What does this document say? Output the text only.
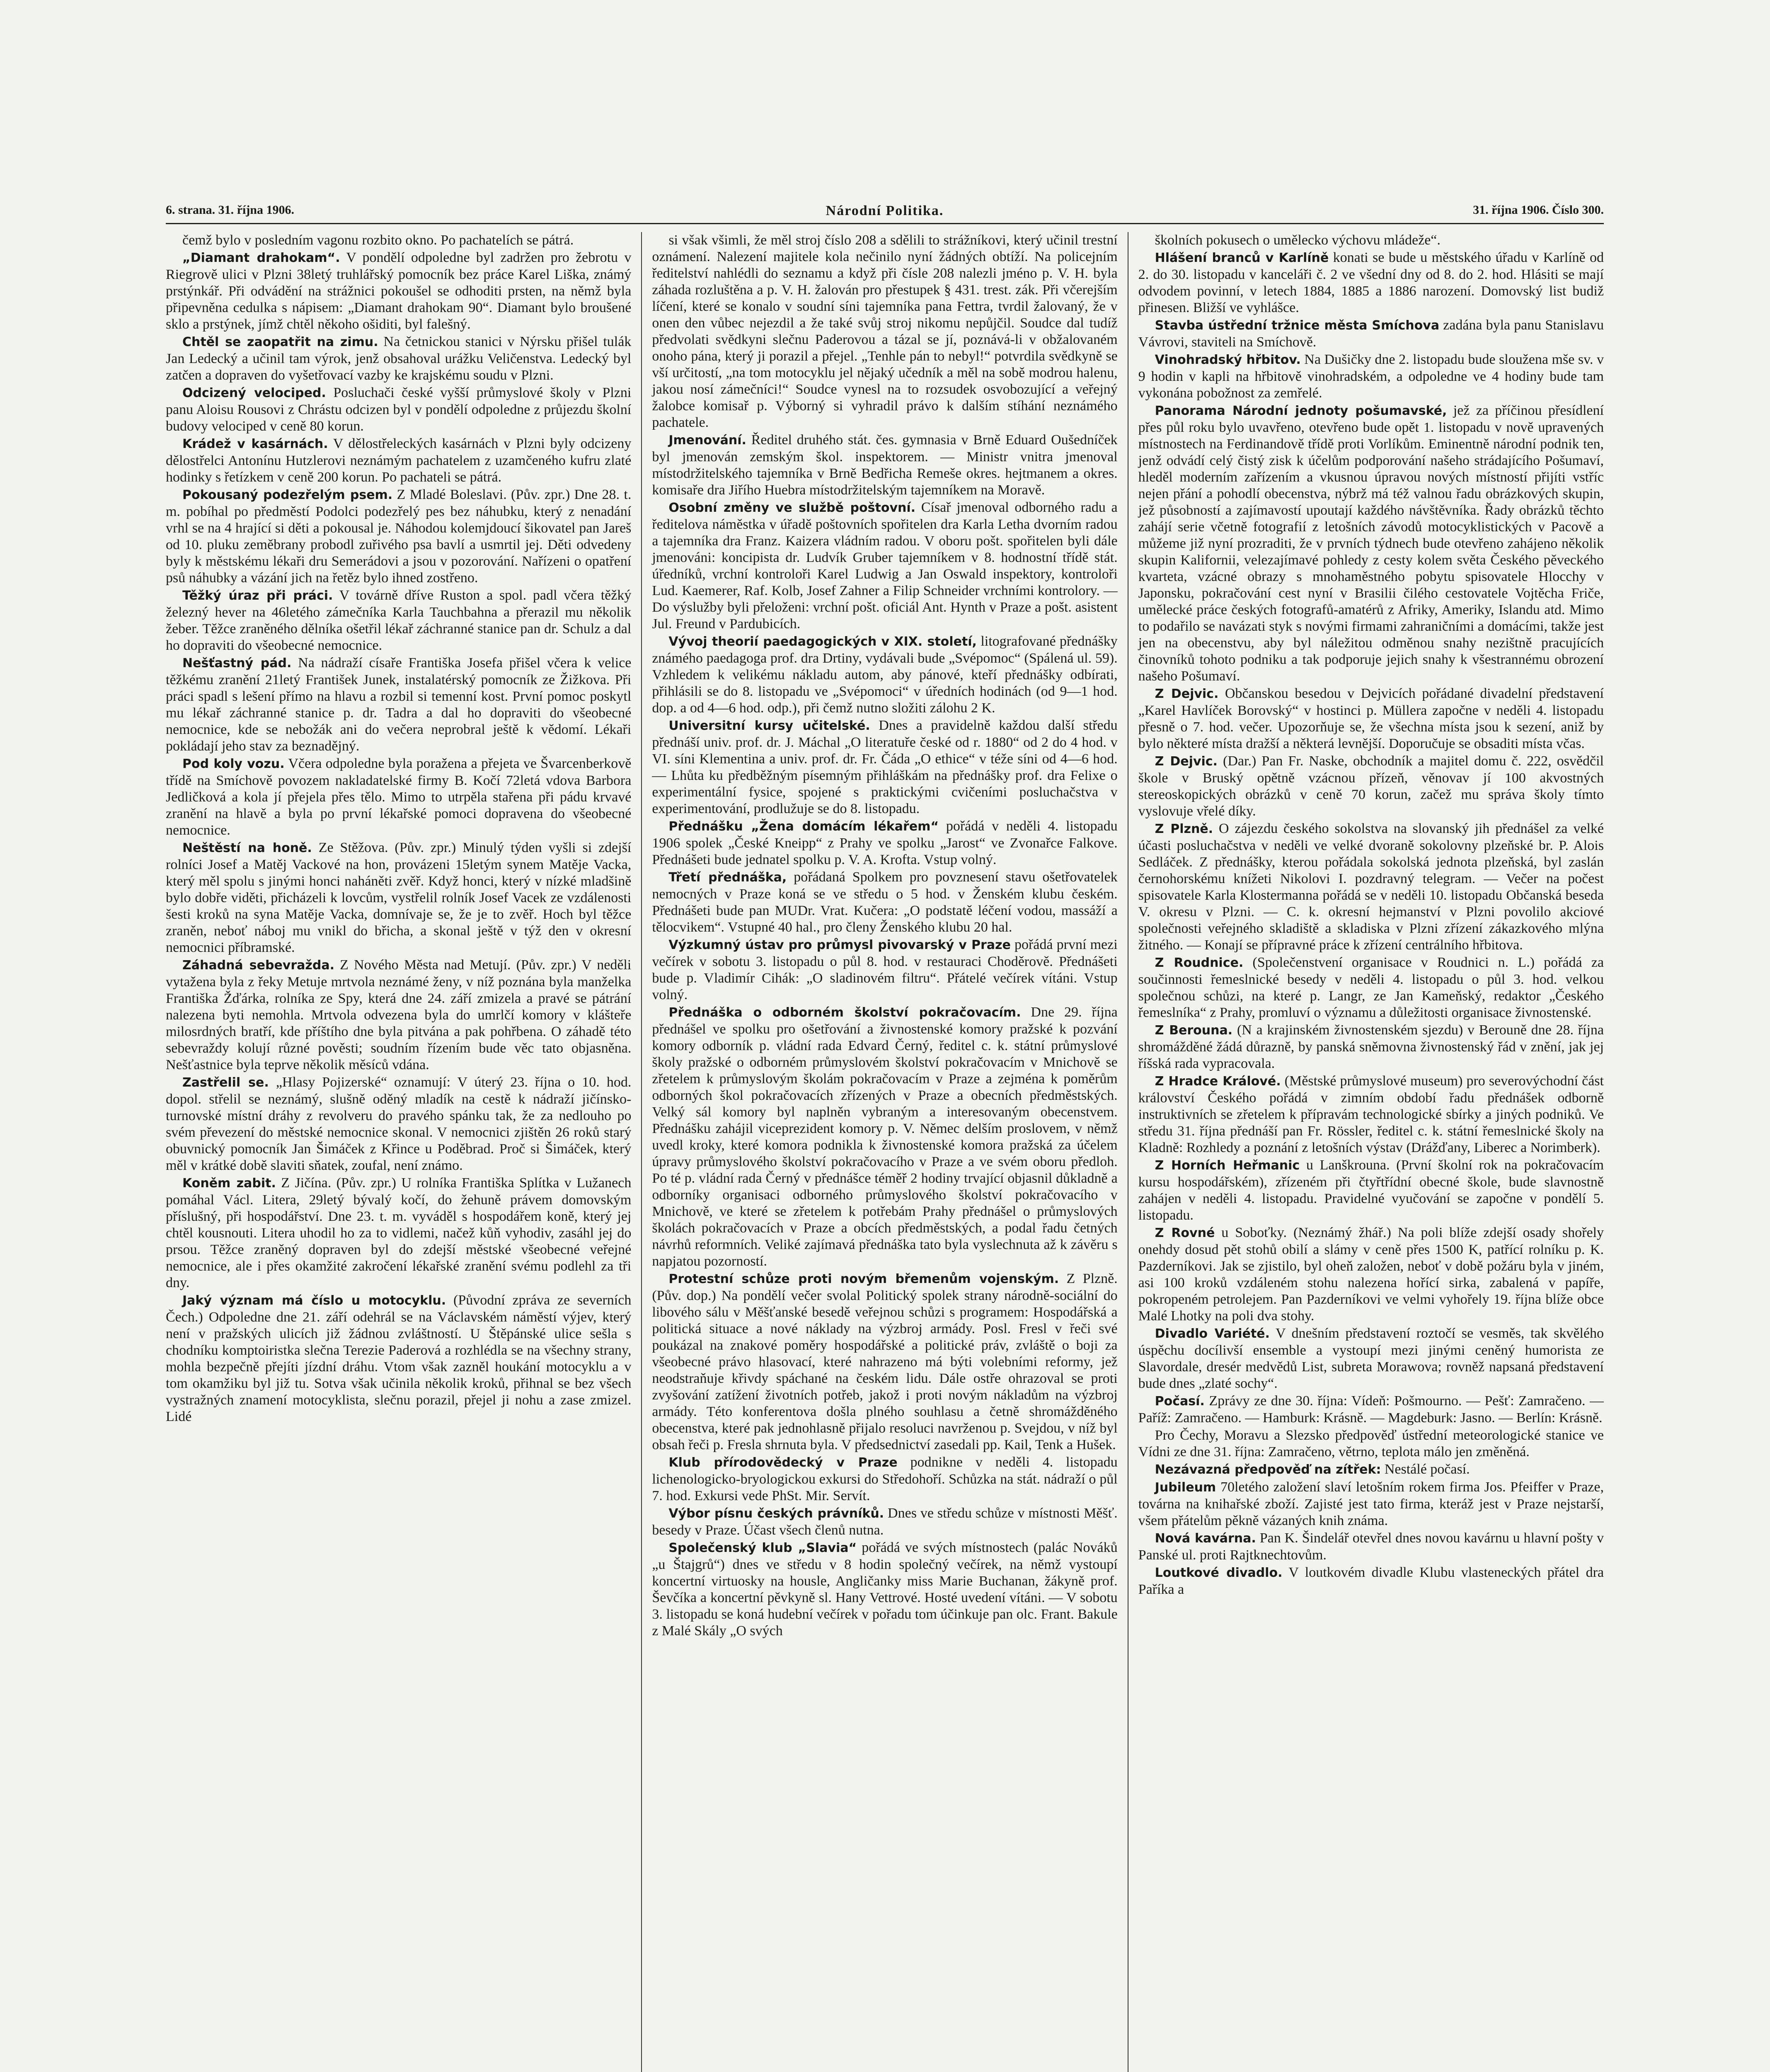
6. strana. 31. října 1906.	Národní Politika.	31. října 1906. Číslo 300.

čemž bylo v posledním vagonu rozbito okno. Po pachatelích se pátrá.

„Diamant drahokam“. V pondělí odpoledne byl zadržen pro žebrotu v Riegrově ulici v Plzni 38letý truhlářský pomocník bez práce Karel Liška, známý prstýnkář. Při odvádění na strážnici pokoušel se odhoditi prsten, na němž byla připevněna cedulka s nápisem: „Diamant drahokam 90“. Diamant bylo broušené sklo a prstýnek, jímž chtěl někoho ošiditi, byl falešný.

Chtěl se zaopatřit na zimu. Na četnickou stanici v Nýrsku přišel tulák Jan Ledecký a učinil tam výrok, jenž obsahoval urážku Veličenstva. Ledecký byl zatčen a dopraven do vyšetřovací vazby ke krajskému soudu v Plzni.

Odcizený velociped. Posluchači české vyšší průmyslové školy v Plzni panu Aloisu Rousovi z Chrástu odcizen byl v pondělí odpoledne z průjezdu školní budovy velociped v ceně 80 korun.

Krádež v kasárnách. V dělostřeleckých kasárnách v Plzni byly odcizeny dělostřelci Antonínu Hutzlerovi neznámým pachatelem z uzamčeného kufru zlaté hodinky s řetízkem v ceně 200 korun. Po pachateli se pátrá.

Pokousaný podezřelým psem. Z Mladé Boleslavi. (Pův. zpr.) Dne 28. t. m. pobíhal po předměstí Podolci podezřelý pes bez náhubku, který z nenadání vrhl se na 4 hrající si děti a pokousal je. Náhodou kolemjdoucí šikovatel pan Jareš od 10. pluku zeměbrany probodl zuřivého psa bavlí a usmrtil jej. Děti odvedeny byly k městskému lékaři dru Semerádovi a jsou v pozorování. Nařízeni o opatření psů náhubky a vázání jich na řetěz bylo ihned zostřeno.

Těžký úraz při práci. V továrně dříve Ruston a spol. padl včera těžký železný hever na 46letého zámečníka Karla Tauchbahna a přerazil mu několik žeber. Těžce zraněného dělníka ošetřil lékař záchranné stanice pan dr. Schulz a dal ho dopraviti do všeobecné nemocnice.

Nešťastný pád. Na nádraží císaře Františka Josefa přišel včera k velice těžkému zranění 21letý František Junek, instalatérský pomocník ze Žižkova. Při práci spadl s lešení přímo na hlavu a rozbil si temenní kost. První pomoc poskytl mu lékař záchranné stanice p. dr. Tadra a dal ho dopraviti do všeobecné nemocnice, kde se nebožák ani do večera neprobral ještě k vědomí. Lékaři pokládají jeho stav za beznadějný.

Pod koly vozu. Včera odpoledne byla poražena a přejeta ve Švarcenberkově třídě na Smíchově povozem nakladatelské firmy B. Kočí 72letá vdova Barbora Jedličková a kola jí přejela přes tělo. Mimo to utrpěla stařena při pádu krvavé zranění na hlavě a byla po první lékařské pomoci dopravena do všeobecné nemocnice.

Neštěstí na honě. Ze Stěžova. (Pův. zpr.) Minulý týden vyšli si zdejší rolníci Josef a Matěj Vackové na hon, provázeni 15letým synem Matěje Vacka, který měl spolu s jinými honci naháněti zvěř. Když honci, který v nízké mladšině bylo dobře viděti, přicházeli k lovcům, vystřelil rolník Josef Vacek ze vzdálenosti šesti kroků na syna Matěje Vacka, domnívaje se, že je to zvěř. Hoch byl těžce zraněn, neboť náboj mu vnikl do břicha, a skonal ještě v týž den v okresní nemocnici příbramské.

Záhadná sebevražda. Z Nového Města nad Metují. (Pův. zpr.) V neděli vytažena byla z řeky Metuje mrtvola neznámé ženy, v níž poznána byla manželka Františka Žďárka, rolníka ze Spy, která dne 24. září zmizela a pravé se pátrání nalezena byti nemohla. Mrtvola odvezena byla do umrlčí komory v klášteře milosrdných bratří, kde příštího dne byla pitvána a pak pohřbena. O záhadě této sebevraždy kolují různé pověsti; soudním řízením bude věc tato objasněna. Nešťastnice byla teprve několik měsíců vdána.

Zastřelil se. „Hlasy Pojizerské“ oznamují: V úterý 23. října o 10. hod. dopol. střelil se neznámý, slušně oděný mladík na cestě k nádraží jičínsko-turnovské místní dráhy z revolveru do pravého spánku tak, že za nedlouho po svém převezení do městské nemocnice skonal. V nemocnici zjištěn 26 roků starý obuvnický pomocník Jan Šimáček z Křince u Poděbrad. Proč si Šimáček, který měl v krátké době slaviti sňatek, zoufal, není známo.

Koněm zabit. Z Jičína. (Pův. zpr.) U rolníka Františka Splítka v Lužanech pomáhal Václ. Litera, 29letý bývalý kočí, do žehuně právem domovským příslušný, při hospodářství. Dne 23. t. m. vyváděl s hospodářem koně, který jej chtěl kousnouti. Litera uhodil ho za to vidlemi, načež kůň vyhodiv, zasáhl jej do prsou. Těžce zraněný dopraven byl do zdejší městské všeobecné veřejné nemocnice, ale i přes okamžité zakročení lékařské zranění svému podlehl za tři dny.

Jaký význam má číslo u motocyklu. (Původní zpráva ze severních Čech.) Odpoledne dne 21. září odehrál se na Václavském náměstí výjev, který není v pražských ulicích již žádnou zvláštností. U Štěpánské ulice sešla s chodníku komptoiristka slečna Terezie Paderová a rozhlédla se na všechny strany, mohla bezpečně přejíti jízdní dráhu. Vtom však zazněl houkání motocyklu a v tom okamžiku byl již tu. Sotva však učinila několik kroků, přihnal se bez všech vystražných znamení motocyklista, slečnu porazil, přejel ji nohu a zase zmizel. Lidé

si však všimli, že měl stroj číslo 208 a sdělili to strážníkovi, který učinil trestní oznámení. Nalezení majitele kola nečinilo nyní žádných obtíží. Na policejním ředitelství nahlédli do seznamu a když při čísle 208 nalezli jméno p. V. H. byla záhada rozluštěna a p. V. H. žalován pro přestupek § 431. trest. zák. Při včerejším líčení, které se konalo v soudní síni tajemníka pana Fettra, tvrdil žalovaný, že v onen den vůbec nejezdil a že také svůj stroj nikomu nepůjčil. Soudce dal tudíž předvolati svědkyni slečnu Paderovou a tázal se jí, poznává-li v obžalovaném onoho pána, který ji porazil a přejel. „Tenhle pán to nebyl!“ potvrdila svědkyně se vší určitostí, „na tom motocyklu jel nějaký učedník a měl na sobě modrou halenu, jakou nosí zámečníci!“ Soudce vynesl na to rozsudek osvobozující a veřejný žalobce komisař p. Výborný si vyhradil právo k dalším stíhání neznámého pachatele.

Jmenování. Ředitel druhého stát. čes. gymnasia v Brně Eduard Oušedníček byl jmenován zemským škol. inspektorem. — Ministr vnitra jmenoval místodržitelského tajemníka v Brně Bedřicha Remeše okres. hejtmanem a okres. komisaře dra Jiřího Huebra místodržitelským tajemníkem na Moravě.

Osobní změny ve službě poštovní. Císař jmenoval odborného radu a ředitelova náměstka v úřadě poštovních spořitelen dra Karla Letha dvorním radou a tajemníka dra Franz. Kaizera vládním radou. V oboru pošt. spořitelen byli dále jmenováni: koncipista dr. Ludvík Gruber tajemníkem v 8. hodnostní třídě stát. úředníků, vrchní kontroloři Karel Ludwig a Jan Oswald inspektory, kontroloři Lud. Kaemerer, Raf. Kolb, Josef Zahner a Filip Schneider vrchními kontrolory. — Do výslužby byli přeloženi: vrchní pošt. oficiál Ant. Hynth v Praze a pošt. asistent Jul. Freund v Pardubicích.

Vývoj theorií paedagogických v XIX. století, litografované přednášky známého paedagoga prof. dra Drtiny, vydávali bude „Svépomoc“ (Spálená ul. 59). Vzhledem k velikému nákladu autom, aby pánové, kteří přednášky odbírati, přihlásili se do 8. listopadu ve „Svépomoci“ v úředních hodinách (od 9—1 hod. dop. a od 4—6 hod. odp.), při čemž nutno složiti zálohu 2 K.

Universitní kursy učitelské. Dnes a pravidelně každou další středu přednáší univ. prof. dr. J. Máchal „O literatuře české od r. 1880“ od 2 do 4 hod. v VI. síni Klementina a univ. prof. dr. Fr. Čáda „O ethice“ v téže síni od 4—6 hod. — Lhůta ku předběžným písemným přihláškám na přednášky prof. dra Felixe o experimentální fysice, spojené s praktickými cvičeními posluchačstva v experimentování, prodlužuje se do 8. listopadu.

Přednášku „Žena domácím lékařem“ pořádá v neděli 4. listopadu 1906 spolek „České Kneipp“ z Prahy ve spolku „Jarost“ ve Zvonařce Falkove. Přednášeti bude jednatel spolku p. V. A. Krofta. Vstup volný.

Třetí přednáška, pořádaná Spolkem pro povznesení stavu ošetřovatelek nemocných v Praze koná se ve středu o 5 hod. v Ženském klubu českém. Přednášeti bude pan MUDr. Vrat. Kučera: „O podstatě léčení vodou, massáží a tělocvikem“. Vstupné 40 hal., pro členy Ženského klubu 20 hal.

Výzkumný ústav pro průmysl pivovarský v Praze pořádá první mezi večírek v sobotu 3. listopadu o půl 8. hod. v restauraci Choděrově. Přednášeti bude p. Vladimír Cihák: „O sladinovém filtru“. Přátelé večírek vítáni. Vstup volný.

Přednáška o odborném školství pokračovacím. Dne 29. října přednášel ve spolku pro ošetřování a živnostenské komory pražské k pozvání komory odborník p. vládní rada Edvard Černý, ředitel c. k. státní průmyslové školy pražské o odborném průmyslovém školství pokračovacím v Mnichově se zřetelem k průmyslovým školám pokračovacím v Praze a zejména k poměrům odborných škol pokračovacích zřízených v Praze a obecních předměstských. Velký sál komory byl naplněn vybraným a interesovaným obecenstvem. Přednášku zahájil viceprezident komory p. V. Němec delším proslovem, v němž uvedl kroky, které komora podnikla k živnostenské komora pražská za účelem úpravy průmyslového školství pokračovacího v Praze a ve svém oboru předloh. Po té p. vládní rada Černý v přednášce téměř 2 hodiny trvající objasnil důkladně a odborníky organisaci odborného průmyslového školství pokračovacího v Mnichově, ve které se zřetelem k potřebám Prahy přednášel o průmyslových školách pokračovacích v Praze a obcích předměstských, a podal řadu četných návrhů reformních. Veliké zajímavá přednáška tato byla vyslechnuta až k závěru s napjatou pozorností.

Protestní schůze proti novým břemenům vojenským. Z Plzně. (Pův. dop.) Na pondělí večer svolal Politický spolek strany národně-sociální do libového sálu v Měšťanské besedě veřejnou schůzi s programem: Hospodářská a politická situace a nové náklady na výzbroj armády. Posl. Fresl v řeči své poukázal na znakové poměry hospodářské a politické práv, zvláště o boji za všeobecné právo hlasovací, které nahrazeno má býti volebními reformy, jež neodstraňuje křivdy spáchané na českém lidu. Dále ostře ohrazoval se proti zvyšování zatížení životních potřeb, jakož i proti novým nákladům na výzbroj armády. Této konferentova došla plného souhlasu a četně shromážděného obecenstva, které pak jednohlasně přijalo resoluci navrženou p. Svejdou, v níž byl obsah řeči p. Fresla shrnuta byla. V předsednictví zasedali pp. Kail, Tenk a Hušek.

Klub přírodovědecký v Praze podnikne v neděli 4. listopadu lichenologicko-bryologickou exkursi do Středohoří. Schůzka na stát. nádraží o půl 7. hod. Exkursi vede PhSt. Mir. Servít.

Výbor písnu českých právníků. Dnes ve středu schůze v místnosti Měšť. besedy v Praze. Účast všech členů nutna.

Společenský klub „Slavia“ pořádá ve svých místnostech (palác Nováků „u Štajgrů“) dnes ve středu v 8 hodin společný večírek, na němž vystoupí koncertní virtuosky na housle, Angličanky miss Marie Buchanan, žákyně prof. Ševčíka a koncertní pěvkyně sl. Hany Vettrové. Hosté uvedení vítáni. — V sobotu 3. listopadu se koná hudební večírek v pořadu tom účinkuje pan olc. Frant. Bakule z Malé Skály „O svých

školních pokusech o umělecko výchovu mládeže“.

Hlášení branců v Karlíně konati se bude u městského úřadu v Karlíně od 2. do 30. listopadu v kanceláři č. 2 ve všední dny od 8. do 2. hod. Hlásiti se mají odvodem povinní, v letech 1884, 1885 a 1886 narození. Domovský list budiž přinesen. Bližší ve vyhlášce.

Stavba ústřední tržnice města Smíchova zadána byla panu Stanislavu Vávrovi, staviteli na Smíchově.

Vinohradský hřbitov. Na Dušičky dne 2. listopadu bude sloužena mše sv. v 9 hodin v kapli na hřbitově vinohradském, a odpoledne ve 4 hodiny bude tam vykonána pobožnost za zemřelé.

Panorama Národní jednoty pošumavské, jež za příčinou přesídlení přes půl roku bylo uvavřeno, otevřeno bude opět 1. listopadu v nově upravených místnostech na Ferdinandově třídě proti Vorlíkům. Eminentně národní podnik ten, jenž odvádí celý čistý zisk k účelům podporování našeho strádajícího Pošumaví, hleděl moderním zařízením a vkusnou úpravou nových místností přijíti vstříc nejen přání a pohodlí obecenstva, nýbrž má též valnou řadu obrázkových skupin, jež působností a zajímavostí upoutají každého návštěvníka. Řady obrázků těchto zahájí serie včetně fotografií z letošních závodů motocyklistických v Pacově a můžeme již nyní prozraditi, že v prvních týdnech bude otevřeno zahájeno několik skupin Kalifornii, velezajímavé pohledy z cesty kolem světa Českého pěveckého kvarteta, vzácné obrazy s mnohaměstného pobytu spisovatele Hlocchy v Japonsku, pokračování cest nyní v Brasilii čilého cestovatele Vojtěcha Friče, umělecké práce českých fotografů-amatérů z Afriky, Ameriky, Islandu atd. Mimo to podařilo se navázati styk s novými firmami zahraničními a domácími, takže jest jen na obecenstvu, aby byl náležitou odměnou snahy nezištně pracujících činovníků tohoto podniku a tak podporuje jejich snahy k všestrannému obrození našeho Pošumaví.

Z Dejvic. Občanskou besedou v Dejvicích pořádané divadelní představení „Karel Havlíček Borovský“ v hostinci p. Müllera započne v neděli 4. listopadu přesně o 7. hod. večer. Upozorňuje se, že všechna místa jsou k sezení, aniž by bylo některé místa dražší a některá levnější. Doporučuje se obsaditi místa včas.

Z Dejvic. (Dar.) Pan Fr. Naske, obchodník a majitel domu č. 222, osvědčil škole v Bruský opětně vzácnou přízeň, věnovav jí 100 akvostných stereoskopických obrázků v ceně 70 korun, začež mu správa školy tímto vyslovuje vřelé díky.

Z Plzně. O zájezdu českého sokolstva na slovanský jih přednášel za velké účasti posluchačstva v neděli ve velké dvoraně sokolovny plzeňské br. P. Alois Sedláček. Z přednášky, kterou pořádala sokolská jednota plzeňská, byl zaslán černohorskému knížeti Nikolovi I. pozdravný telegram. — Večer na počest spisovatele Karla Klostermanna pořádá se v neděli 10. listopadu Občanská beseda V. okresu v Plzni. — C. k. okresní hejmanství v Plzni povolilo akciové společnosti veřejného skladiště a skladiska v Plzni zřízení zákazkového mlýna žitného. — Konají se přípravné práce k zřízení centrálního hřbitova.

Z Roudnice. (Společenstvení organisace v Roudnici n. L.) pořádá za součinnosti řemeslnické besedy v neděli 4. listopadu o půl 3. hod. velkou společnou schůzi, na které p. Langr, ze Jan Kameňský, redaktor „Českého řemeslníka“ z Prahy, promluví o významu a důležitosti organisace živnostenské.

Z Berouna. (N a krajinském živnostenském sjezdu) v Berouně dne 28. října shromážděné žádá důrazně, by panská sněmovna živnostenský řád v znění, jak jej říšská rada vypracovala.

Z Hradce Králové. (Městské průmyslové museum) pro severovýchodní část království Českého pořádá v zimním období řadu přednášek odborně instruktivních se zřetelem k přípravám technologické sbírky a jiných podniků. Ve středu 31. října přednáší pan Fr. Rössler, ředitel c. k. státní řemeslnické školy na Kladně: Rozhledy a poznání z letošních výstav (Drážďany, Liberec a Norimberk).

Z Horních Heřmanic u Lanškrouna. (První školní rok na pokračovacím kursu hospodářském), zřízeném při čtyřtřídní obecné škole, bude slavnostně zahájen v neděli 4. listopadu. Pravidelné vyučování se započne v pondělí 5. listopadu.

Z Rovné u Soboťky. (Neznámý žhář.) Na poli blíže zdejší osady shořely onehdy dosud pět stohů obilí a slámy v ceně přes 1500 K, patřící rolníku p. K. Pazderníkovi. Jak se zjistilo, byl oheň založen, neboť v době požáru byla v jiném, asi 100 kroků vzdáleném stohu nalezena hořící sirka, zabalená v papíře, pokropeném petrolejem. Pan Pazderníkovi ve velmi vyhořely 19. října blíže obce Malé Lhotky na poli dva stohy.

Divadlo Variété. V dnešním představení roztočí se vesměs, tak skvělého úspěchu docílivší ensemble a vystoupí mezi jinými ceněný humorista ze Slavordale, dresér medvědů List, subreta Morawova; rovněž napsaná představení bude dnes „zlaté sochy“.

Počasí. Zprávy ze dne 30. října: Vídeň: Pošmourno. — Pešť: Zamračeno. — Paříž: Zamračeno. — Hamburk: Krásně. — Magdeburk: Jasno. — Berlín: Krásně.

Pro Čechy, Moravu a Slezsko předpověď ústřední meteorologické stanice ve Vídni ze dne 31. října: Zamračeno, větrno, teplota málo jen změněná.

Nezávazná předpověď na zítřek: Nestálé počasí.

Jubileum 70letého založení slaví letošním rokem firma Jos. Pfeiffer v Praze, továrna na knihařské zboží. Zajisté jest tato firma, kteráž jest v Praze nejstarší, všem přátelům pěkně vázaných knih známa.

Nová kavárna. Pan K. Šindelář otevřel dnes novou kavárnu u hlavní pošty v Panské ul. proti Rajtknechtovům.

Loutkové divadlo. V loutkovém divadle Klubu vlasteneckých přátel dra Paříka a
